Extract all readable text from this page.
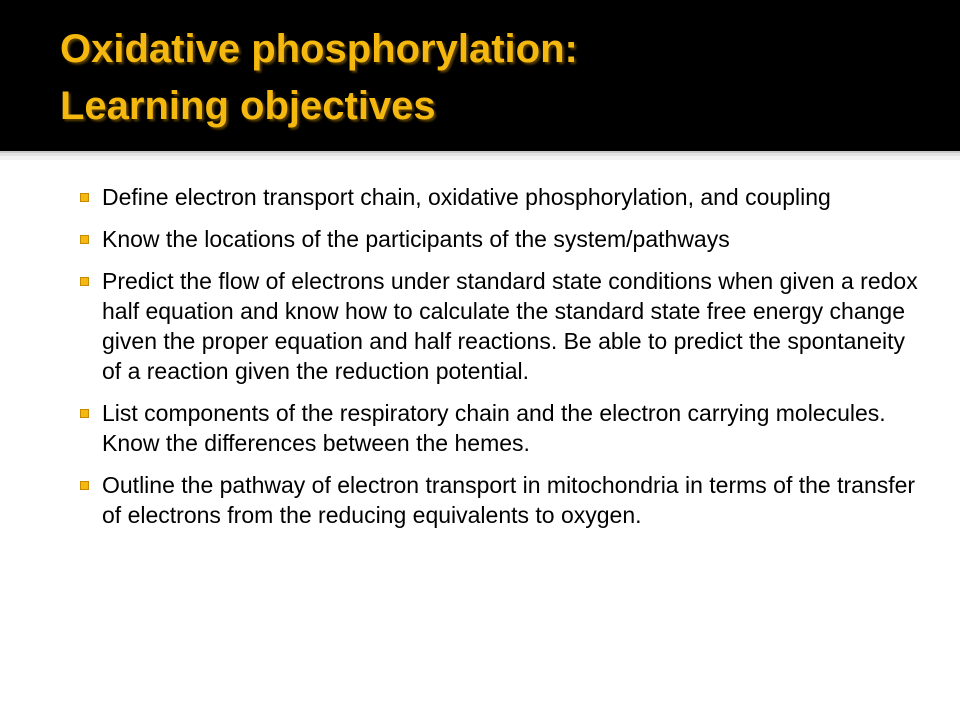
Oxidative phosphorylation:
Learning objectives
Define electron transport chain, oxidative phosphorylation, and coupling
Know the locations of the participants of the system/pathways
Predict the flow of electrons under standard state conditions when given a redox half equation and know how to calculate the standard state free energy change given the proper equation and half reactions. Be able to predict the spontaneity of a reaction given the reduction potential.
List components of the respiratory chain and the electron carrying molecules. Know the differences between the hemes.
Outline the pathway of electron transport in mitochondria in terms of the transfer of electrons from the reducing equivalents to oxygen.
